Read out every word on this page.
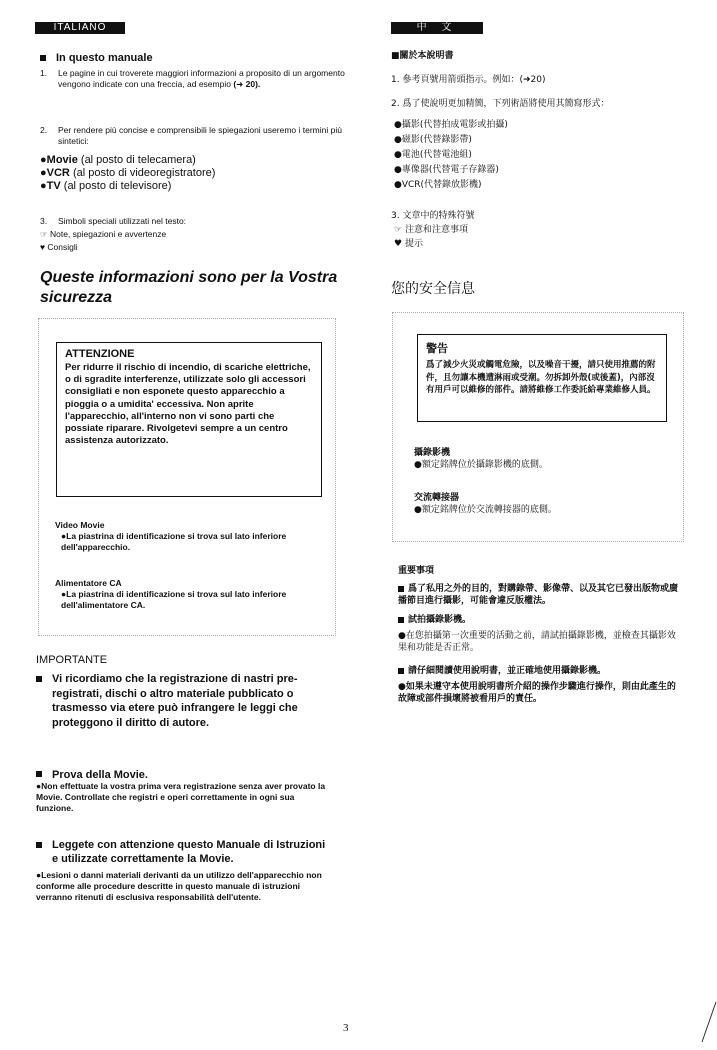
ITALIANO
In questo manuale
1. Le pagine in cui troverete maggiori informazioni a proposito di un argomento vengono indicate con una freccia, ad esempio (➜ 20).
2. Per rendere più concise e comprensibili le spiegazioni useremo i termini più sintetici:
●Movie (al posto di telecamera)
●VCR (al posto di videoregistratore)
●TV (al posto di televisore)
3. Simboli speciali utilizzati nel testo:
☞ Note, spiegazioni e avvertenze
♥ Consigli
Queste informazioni sono per la Vostra sicurezza
ATTENZIONE
Per ridurre il rischio di incendio, di scariche elettriche, o di sgradite interferenze, utilizzate solo gli accessori consigliati e non esponete questo apparecchio a pioggia o a umidita' eccessiva. Non aprite l'apparecchio, all'interno non vi sono parti che possiate riparare. Rivolgetevi sempre a un centro assistenza autorizzato.
Video Movie
●La piastrina di identificazione si trova sul lato inferiore dell'apparecchio.
Alimentatore CA
●La piastrina di identificazione si trova sul lato inferiore dell'alimentatore CA.
IMPORTANTE
Vi ricordiamo che la registrazione di nastri pre-registrati, dischi o altro materiale pubblicato o trasmesso via etere può infrangere le leggi che proteggono il diritto di autore.
Prova della Movie.
●Non effettuate la vostra prima vera registrazione senza aver provato la Movie. Controllate che registri e operi correttamente in ogni sua funzione.
Leggete con attenzione questo Manuale di Istruzioni e utilizzate correttamente la Movie.
●Lesioni o danni materiali derivanti da un utilizzo dell'apparecchio non conforme alle procedure descritte in questo manuale di istruzioni verranno ritenuti di esclusiva responsabilità dell'utente.
中 文
■關於本說明書
1. 參考頁號用箭頭指示。例如：(➜20)
2. 爲了使說明更加精簡，下列術語將使用其簡寫形式：
●攝影(代替拍成電影或拍攝)
●磁影(代替錄影帶)
●電池(代替電池組)
●專像器(代替電子存錄器)
●VCR(代替錄放影機)
3. 文章中的特殊符號
☞ 注意和注意事項
♥ 提示
您的安全信息
警告
爲了減少火災或觸電危險，以及噪音干擾，請只使用推薦的附件，且勿讓本機遭淋雨或受潮。勿拆卸外殼(或後蓋)，內部沒有用戶可以維修的部件。請將維修工作委託給專業維修人員。
攝錄影機
●額定銘牌位於攝錄影機的底側。
交流轉接器
●額定銘牌位於交流轉接器的底側。
重要事項
爲了私用之外的目的，對購錄帶、影像帶、以及其它已發出版物或廣播節目進行攝影，可能會違反版權法。
試拍攝錄影機。
●在您拍攝第一次重要的活動之前，請試拍攝錄影機，並檢查其攝影效果和功能是否正常。
請仔細閱讀使用說明書，並正確地使用攝錄影機。
●如果未遵守本使用說明書所介紹的操作步驟進行操作，則由此產生的故障或部件損壞將被看用戶的責任。
3
